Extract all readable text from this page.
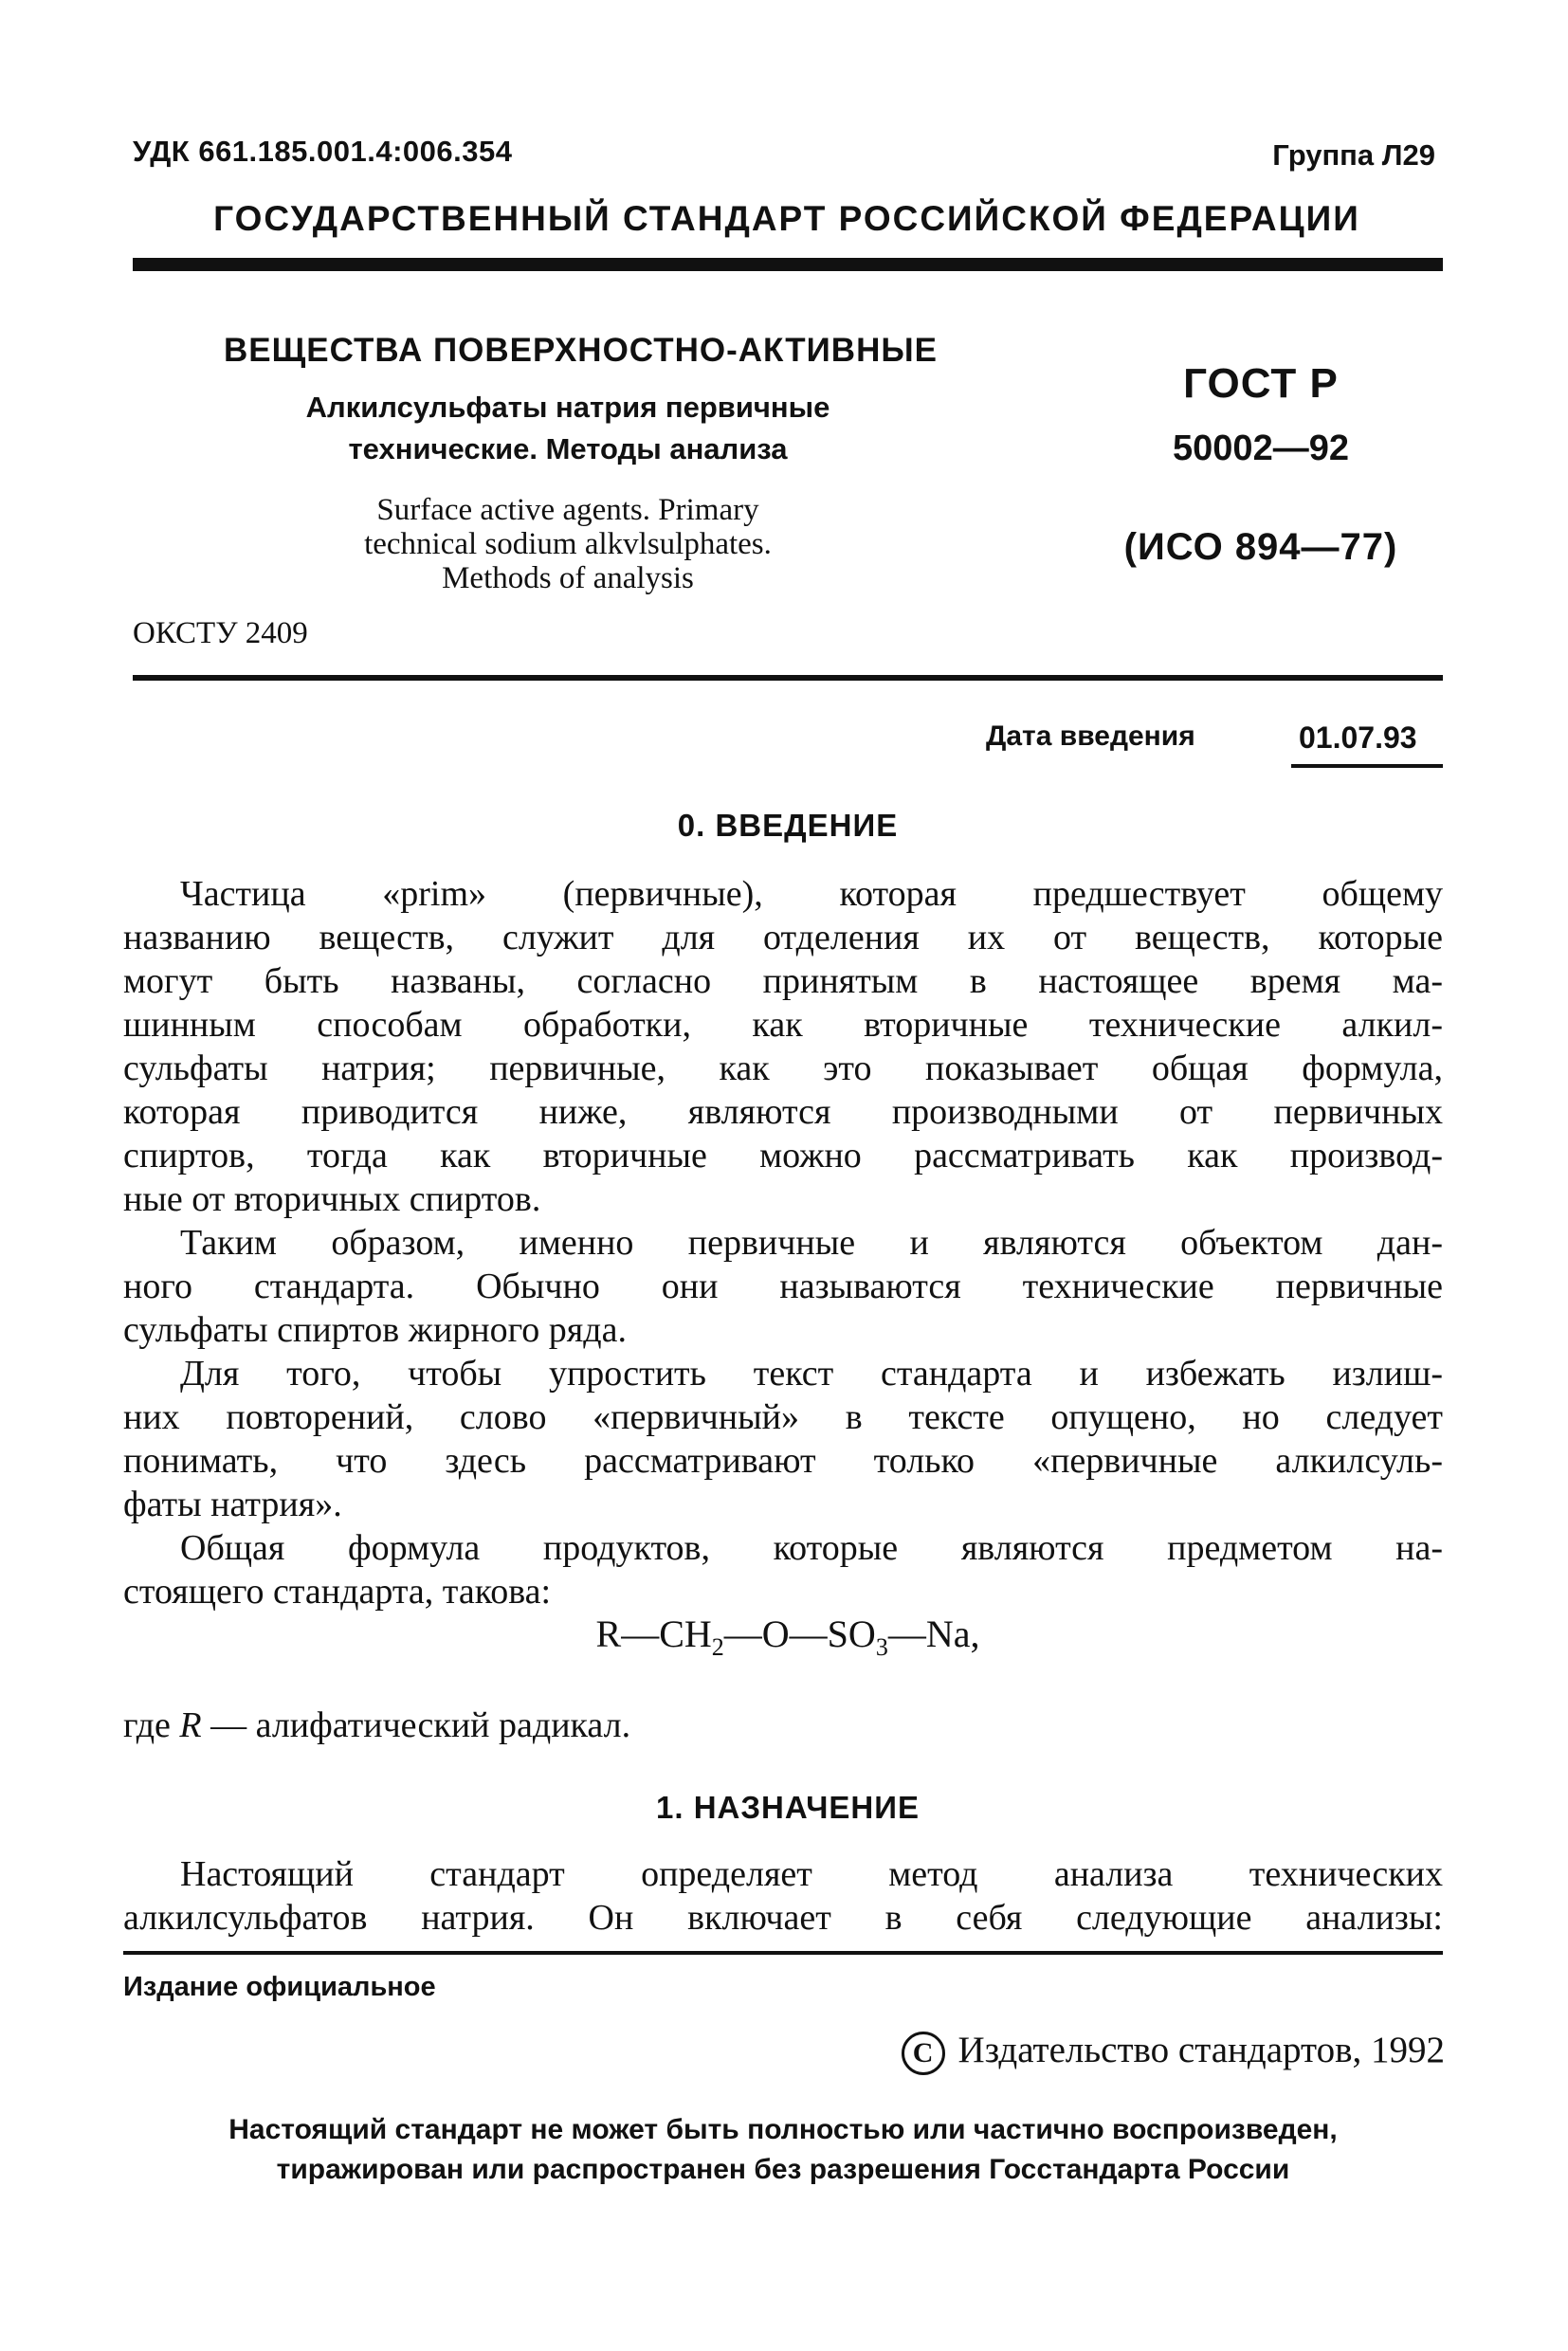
УДК 661.185.001.4:006.354	Группа Л29
ГОСУДАРСТВЕННЫЙ СТАНДАРТ РОССИЙСКОЙ ФЕДЕРАЦИИ
ВЕЩЕСТВА ПОВЕРХНОСТНО-АКТИВНЫЕ
Алкилсульфаты натрия первичные
технические. Методы анализа
Surface active agents. Primary
technical sodium alkvlsulphates.
Methods of analysis
ГОСТ Р
50002—92
(ИСО 894—77)
ОКСТУ 2409
Дата введения	01.07.93
0. ВВЕДЕНИЕ
Частица «prim» (первичные), которая предшествует общему
названию веществ, служит для отделения их от веществ, которые
могут быть названы, согласно принятым в настоящее время ма-
шинным способам обработки, как вторичные технические алкил-
сульфаты натрия; первичные, как это показывает общая формула,
которая приводится ниже, являются производными от первичных
спиртов, тогда как вторичные можно рассматривать как производ-
ные от вторичных спиртов.
Таким образом, именно первичные и являются объектом дан-
ного стандарта. Обычно они называются технические первичные
сульфаты спиртов жирного ряда.
Для того, чтобы упростить текст стандарта и избежать излиш-
них повторений, слово «первичный» в тексте опущено, но следует
понимать, что здесь рассматривают только «первичные алкилсуль-
фаты натрия».
Общая формула продуктов, которые являются предметом на-
стоящего стандарта, такова:
$R—CH_2—O—SO_3—Na$,
где R — алифатический радикал.
1. НАЗНАЧЕНИЕ
Настоящий стандарт определяет метод анализа технических
алкилсульфатов натрия. Он включает в себя следующие анализы:
Издание официальное
C Издательство стандартов, 1992
Настоящий стандарт не может быть полностью или частично воспроизведен,
тиражирован или распространен без разрешения Госстандарта России
